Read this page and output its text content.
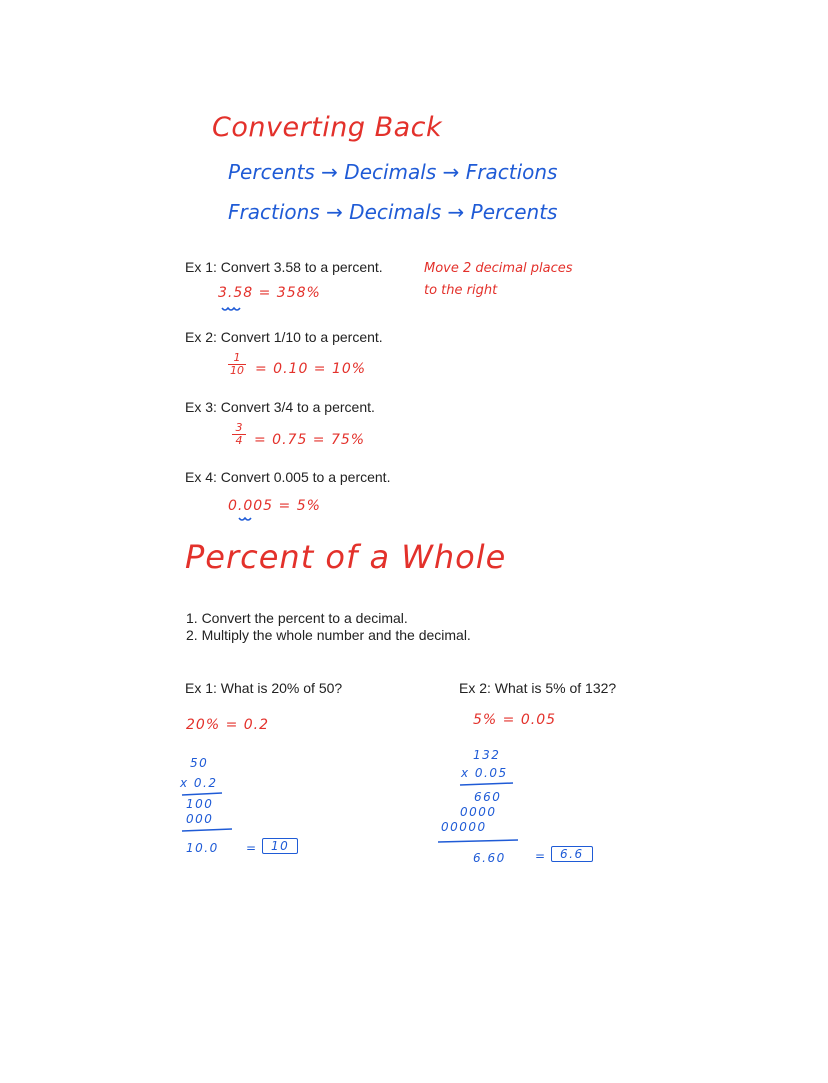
Converting Back
Percents → Decimals → Fractions
Fractions → Decimals → Percents
Ex 1: Convert 3.58 to a percent.
3.58 = 358%
Move 2 decimal places
to the right
Ex 2: Convert 1/10 to a percent.
$\frac{1}{10} = 0.10 = 10\%$
Ex 3: Convert 3/4 to a percent.
$\frac{3}{4} = 0.75 = 75\%$
Ex 4: Convert 0.005 to a percent.
0.005 = 5%
Percent of a Whole
1. Convert the percent to a decimal.
2. Multiply the whole number and the decimal.
Ex 1: What is 20% of 50?
20% = 0.2
50
x 0.2
100
000
10.0 =	10
Ex 2: What is 5% of 132?
5% = 0.05
132
x 0.05
660
0000
00000
6.60 =	6.6
